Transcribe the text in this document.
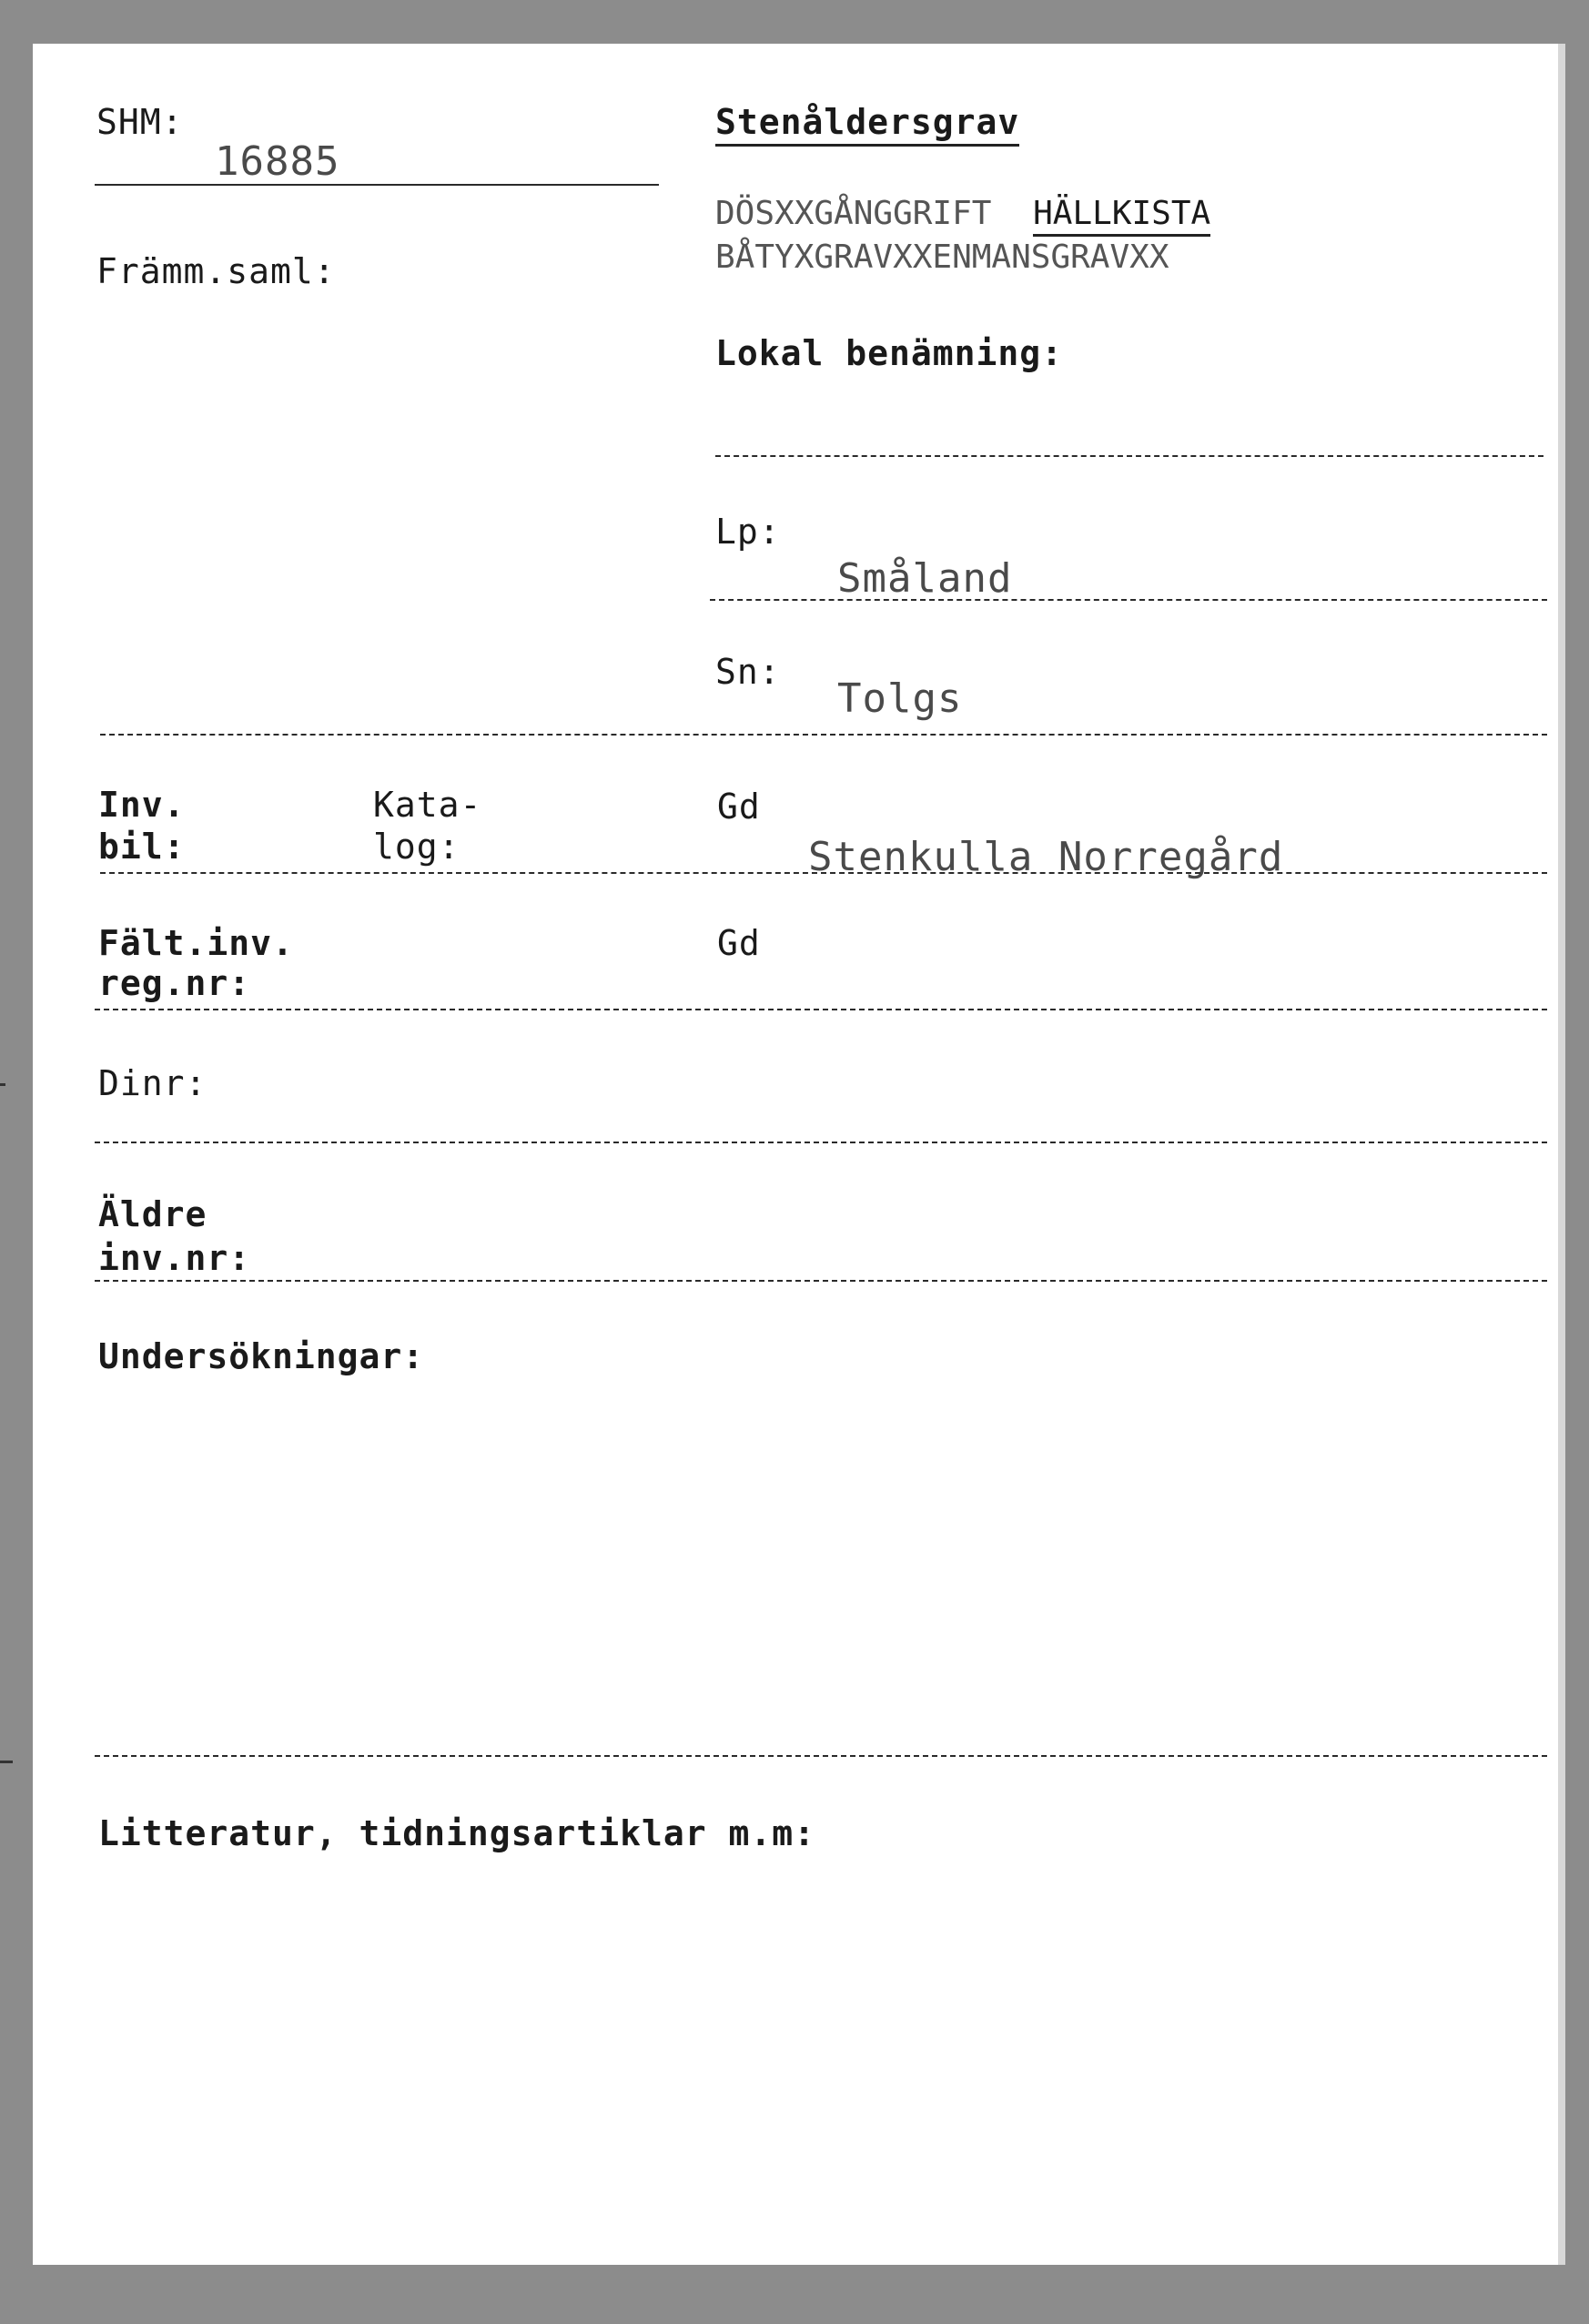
SHM:
16885
Främm.saml:
Stenåldersgrav
DÖSXXGÅNGGRIFT HÄLLKISTA
BÅTYXGRAVXXENMANSGRAVXX
Lokal benämning:
Lp:
Småland
Sn:
Tolgs
Inv.
bil:
Kata-
log:
Gd
Stenkulla Norregård
Fält.inv.
reg.nr:
Gd
Dinr:
Äldre
inv.nr:
Undersökningar:
Litteratur, tidningsartiklar m.m:
